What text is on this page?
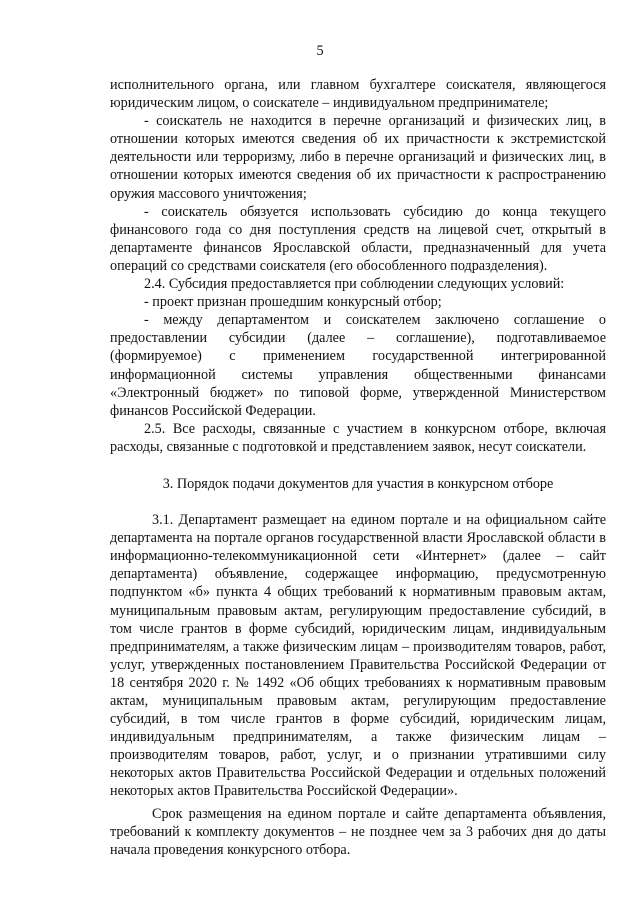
5

исполнительного органа, или главном бухгалтере соискателя, являющегося юридическим лицом, о соискателе – индивидуальном предпринимателе;

- соискатель не находится в перечне организаций и физических лиц, в отношении которых имеются сведения об их причастности к экстремистской деятельности или терроризму, либо в перечне организаций и физических лиц, в отношении которых имеются сведения об их причастности к распространению оружия массового уничтожения;

- соискатель обязуется использовать субсидию до конца текущего финансового года со дня поступления средств на лицевой счет, открытый в департаменте финансов Ярославской области, предназначенный для учета операций со средствами соискателя (его обособленного подразделения).

2.4. Субсидия предоставляется при соблюдении следующих условий:

- проект признан прошедшим конкурсный отбор;

- между департаментом и соискателем заключено соглашение о предоставлении субсидии (далее – соглашение), подготавливаемое (формируемое) с применением государственной интегрированной информационной системы управления общественными финансами «Электронный бюджет» по типовой форме, утвержденной Министерством финансов Российской Федерации.

2.5. Все расходы, связанные с участием в конкурсном отборе, включая расходы, связанные с подготовкой и представлением заявок, несут соискатели.

3. Порядок подачи документов для участия в конкурсном отборе

3.1. Департамент размещает на едином портале и на официальном сайте департамента на портале органов государственной власти Ярославской области в информационно-телекоммуникационной сети «Интернет» (далее – сайт департамента) объявление, содержащее информацию, предусмотренную подпунктом «б» пункта 4 общих требований к нормативным правовым актам, муниципальным правовым актам, регулирующим предоставление субсидий, в том числе грантов в форме субсидий, юридическим лицам, индивидуальным предпринимателям, а также физическим лицам – производителям товаров, работ, услуг, утвержденных постановлением Правительства Российской Федерации от 18 сентября 2020 г. № 1492 «Об общих требованиях к нормативным правовым актам, муниципальным правовым актам, регулирующим предоставление субсидий, в том числе грантов в форме субсидий, юридическим лицам, индивидуальным предпринимателям, а также физическим лицам – производителям товаров, работ, услуг, и о признании утратившими силу некоторых актов Правительства Российской Федерации и отдельных положений некоторых актов Правительства Российской Федерации».

Срок размещения на едином портале и сайте департамента объявления, требований к комплекту документов – не позднее чем за 3 рабочих дня до даты начала проведения конкурсного отбора.
